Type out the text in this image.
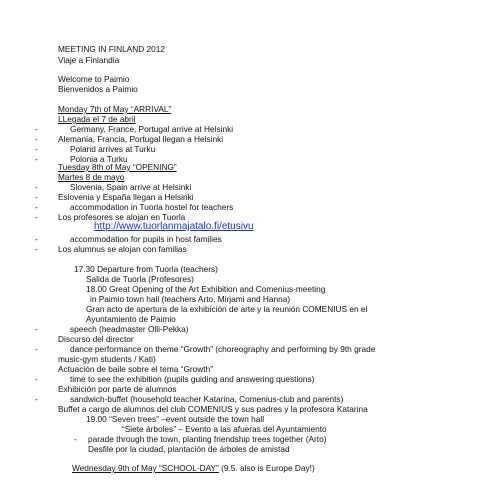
MEETING IN FINLAND 2012
Viaje a Finlandia
Welcome to Paimio
Bienvenidos a Paimio
Monday 7th of May “ARRIVAL”
LLegada el 7 de abril
-	Germany, France, Portugal arrive at Helsinki
- Alemania, Francia, Portugal llegan a Helsinki
-	Poland arrives at Turku
-	Polonia a Turku
Tuesday 8th of May “OPENING”
Martes 8 de mayo
-	Slovenia, Spain arrive at Helsinki
- Eslovenia y España llegan a Helsinki
-	accommodation in Tuorla hostel for teachers
- Los profesores se alojan en Tuorla
http://www.tuorlanmajatalo.fi/etusivu
-	accommodation for pupils in host families
- Los alumnus se alojan con familias
17.30 Departure from Tuorla (teachers)
Salida de Tuorla (Profesores)
18.00 Great Opening of the Art Exhibition and Comenius-meeting
in Paimio town hall (teachers Arto, Mirjami and Hanna)
Gran acto de apertura de la exhibición de arte y la reunión COMENIUS en el
Ayuntamiento de Paimio
-	speech (headmaster Olli-Pekka)
Discurso del director
-	dance performance on theme “Growth” (choreography and performing by 9th grade
music-gym students / Kati)
Actuación de baile sobre el tema “Growth”
-	time to see the exhibition (pupils guiding and answering questions)
Exhibición por parte de alumnos
-	sandwich-buffet (household teacher Katarina, Comenius-club and parents)
Buffet a cargo de alumnos del club COMENIUS y sus padres y la profesora Katarina
19.00 “Seven trees” –event outside the town hall
“Siete árboles” – Evento a las afueras del Ayuntamiento
- parade through the town, planting friendship trees together (Arto)
Desfile por la ciudad, plantación de árboles de amistad
Wednesday 9th of May “SCHOOL-DAY” (9.5. also is Europe Day!)
